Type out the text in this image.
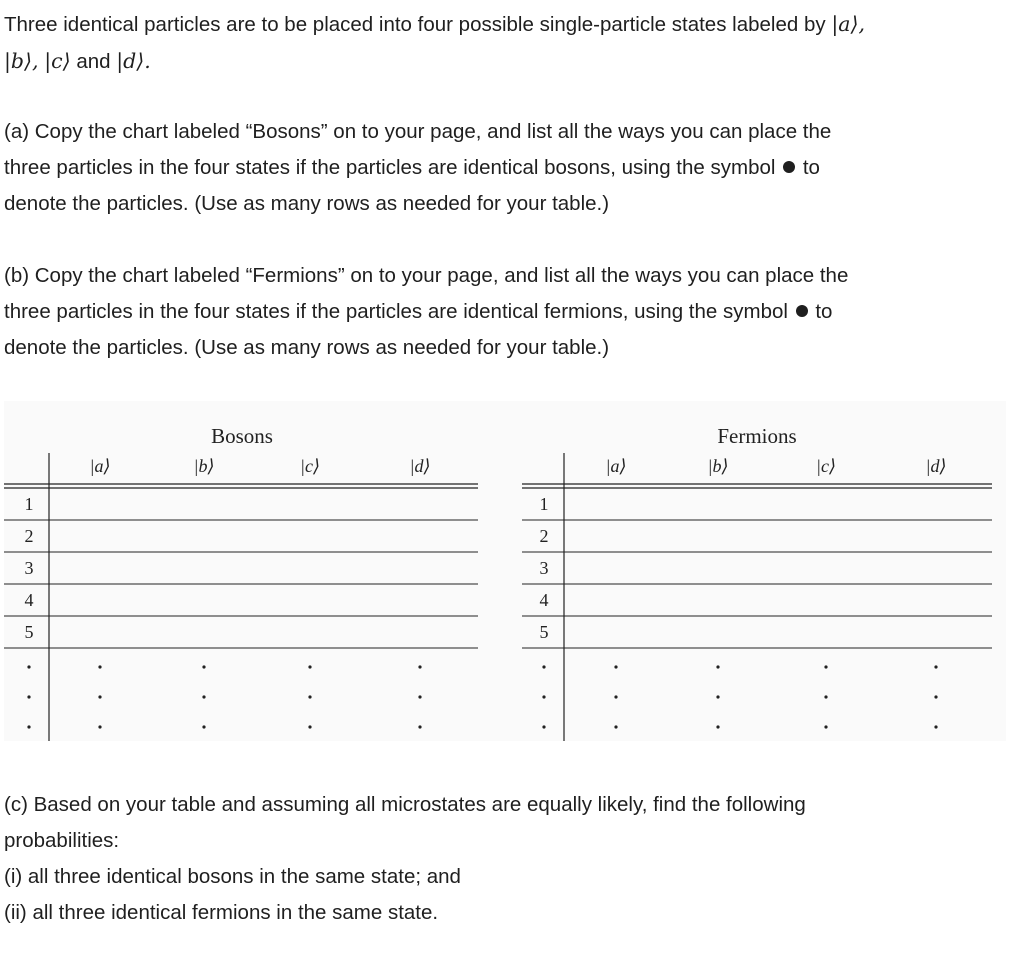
Three identical particles are to be placed into four possible single-particle states labeled by |a⟩,
|b⟩, |c⟩ and |d⟩.

(a) Copy the chart labeled “Bosons” on to your page, and list all the ways you can place the
three particles in the four states if the particles are identical bosons, using the symbol to
denote the particles. (Use as many rows as needed for your table.)

(b) Copy the chart labeled “Fermions” on to your page, and list all the ways you can place the
three particles in the four states if the particles are identical fermions, using the symbol to
denote the particles. (Use as many rows as needed for your table.)

Bosons
|a⟩	|b⟩	|c⟩	|d⟩
1
2
3
4
5
Fermions
|a⟩	|b⟩	|c⟩	|d⟩
1
2
3
4
5

(c) Based on your table and assuming all microstates are equally likely, find the following
probabilities:
(i) all three identical bosons in the same state; and
(ii) all three identical fermions in the same state.
